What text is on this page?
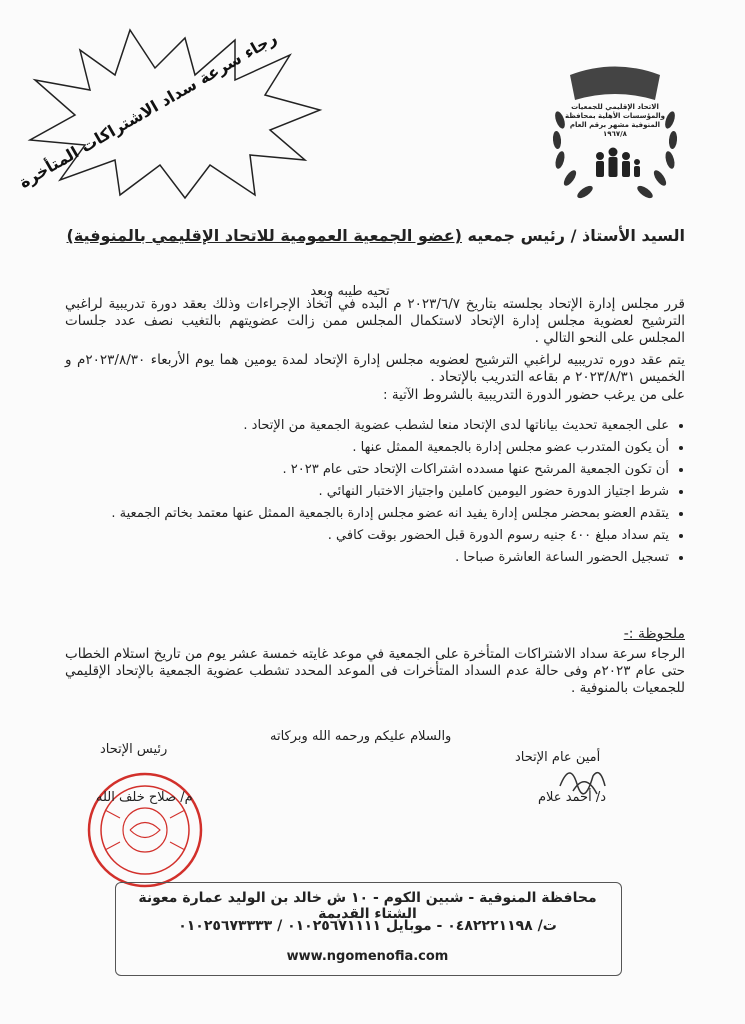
رجاء سرعة سداد الاشتراكات المتأخرة	الاتحاد الإقليمي للجمعيات والمؤسسات الأهلية بمحافظة المنوفية مشهر برقم العام ١٩٦٧/٨
السيد الأستاذ / رئيس جمعيه (عضو الجمعية العمومية للاتحاد الإقليمي بالمنوفية)
تحيه طيبه وبعد
قرر مجلس إدارة الإتحاد بجلسته بتاريخ ٢٠٢٣/٦/٧ م البده في اتخاذ الإجراءات وذلك بعقد دورة تدريبية لراغبي الترشيح لعضوية مجلس إدارة الإتحاد لاستكمال المجلس ممن زالت عضويتهم بالتغيب نصف عدد جلسات المجلس على النحو التالي .
يتم عقد دوره تدريبيه لراغبي الترشيح لعضويه مجلس إدارة الإتحاد لمدة يومين هما يوم الأربعاء ٢٠٢٣/٨/٣٠م و الخميس ٢٠٢٣/٨/٣١ م بقاعه التدريب بالإتحاد .
على من يرغب حضور الدورة التدريبية بالشروط الآتية :
• على الجمعية تحديث بياناتها لدى الإتحاد منعا لشطب عضوية الجمعية من الإتحاد .
• أن يكون المتدرب عضو مجلس إدارة بالجمعية الممثل عنها .
• أن تكون الجمعية المرشح عنها مسدده اشتراكات الإتحاد حتى عام ٢٠٢٣ .
• شرط اجتياز الدورة حضور اليومين كاملين واجتياز الاختبار النهائي .
• يتقدم العضو بمحضر مجلس إدارة يفيد انه عضو مجلس إدارة بالجمعية الممثل عنها معتمد بخاتم الجمعية .
• يتم سداد مبلغ ٤٠٠ جنيه رسوم الدورة قبل الحضور بوقت كافي .
• تسجيل الحضور الساعة العاشرة صباحا .
ملحوظة :-
الرجاء سرعة سداد الاشتراكات المتأخرة على الجمعية في موعد غايته خمسة عشر يوم من تاريخ استلام الخطاب حتى عام ٢٠٢٣م وفى حالة عدم السداد المتأخرات فى الموعد المحدد تشطب عضوية الجمعية بالإتحاد الإقليمي للجمعيات بالمنوفية .
والسلام عليكم ورحمه الله وبركاته
أمين عام الإتحاد
د/ أحمد علام
رئيس الإتحاد
م/ صلاح خلف الله
محافظة المنوفية - شبين الكوم - ١٠ ش خالد بن الوليد عمارة معونة الشتاء القديمة
ت/ ٠٤٨٢٢٢١١٩٨ - موبايل ٠١٠٢٥٦٧١١١١ / ٠١٠٢٥٦٧٣٣٣٣
www.ngomenofia.com
